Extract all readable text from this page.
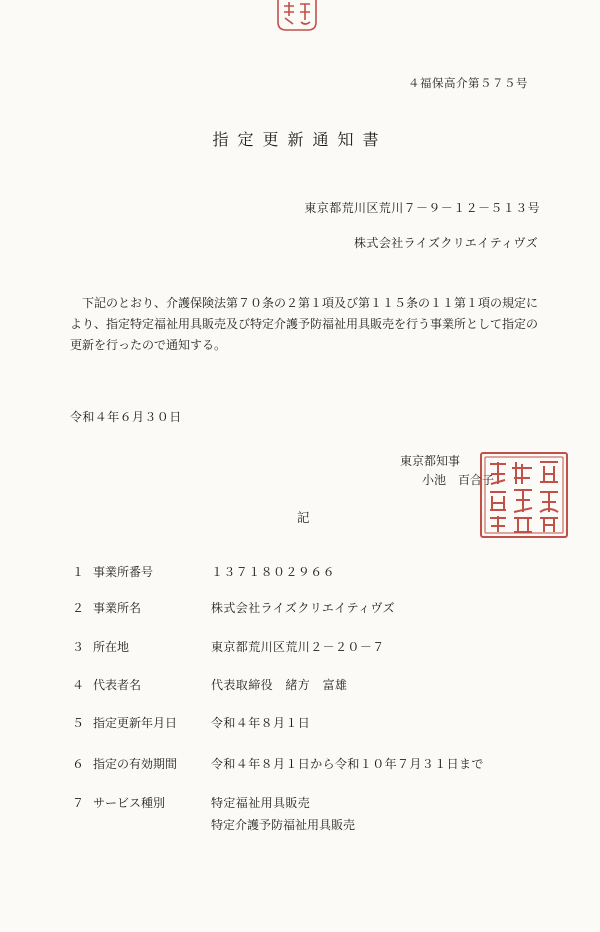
４福保高介第５７５号
指定更新通知書
東京都荒川区荒川７－９－１２－５１３号
株式会社ライズクリエイティヴズ
　下記のとおり、介護保険法第７０条の２第１項及び第１１５条の１１第１項の規定に
より、指定特定福祉用具販売及び特定介護予防福祉用具販売を行う事業所として指定の
更新を行ったので通知する。
令和４年６月３０日
東京都知事
小池　百合子
記
１ 事業所番号	１３７１８０２９６６
２ 事業所名	株式会社ライズクリエイティヴズ
３ 所在地	東京都荒川区荒川２－２０－７
４ 代表者名	代表取締役　緒方　富雄
５ 指定更新年月日	令和４年８月１日
６ 指定の有効期間	令和４年８月１日から令和１０年７月３１日まで
７ サービス種別	特定福祉用具販売
特定介護予防福祉用具販売
